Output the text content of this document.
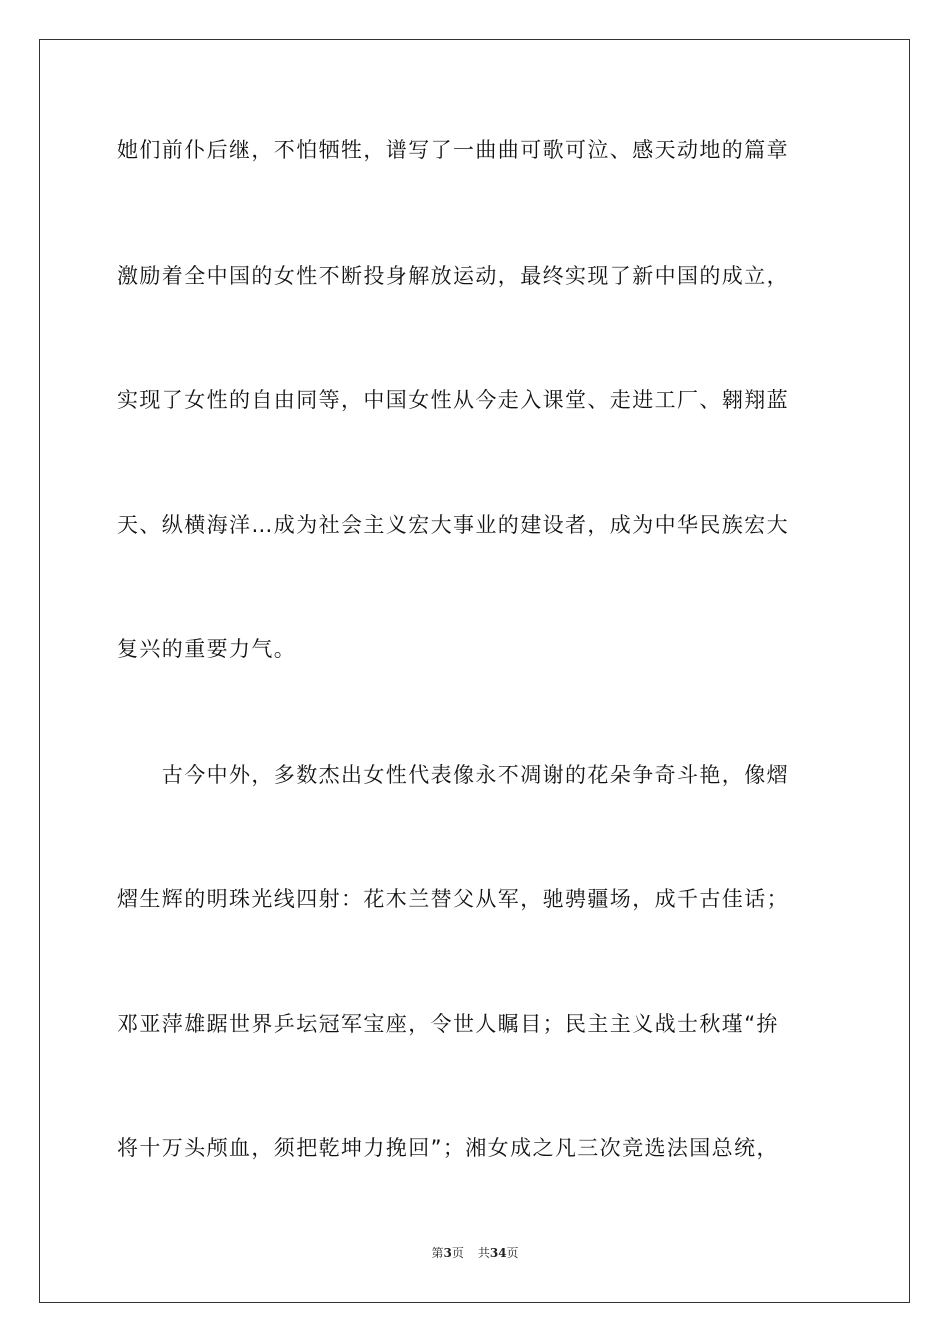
她们前仆后继，不怕牺牲，谱写了一曲曲可歌可泣、感天动地的篇章
激励着全中国的女性不断投身解放运动，最终实现了新中国的成立，
实现了女性的自由同等，中国女性从今走入课堂、走进工厂、翱翔蓝
天、纵横海洋…成为社会主义宏大事业的建设者，成为中华民族宏大
复兴的重要力气。
　　古今中外，多数杰出女性代表像永不凋谢的花朵争奇斗艳，像熠
熠生辉的明珠光线四射：花木兰替父从军，驰骋疆场，成千古佳话；
邓亚萍雄踞世界乒坛冠军宝座，令世人瞩目；民主主义战士秋瑾“拚
将十万头颅血，须把乾坤力挽回”；湘女成之凡三次竞选法国总统，
第3页 共34页
